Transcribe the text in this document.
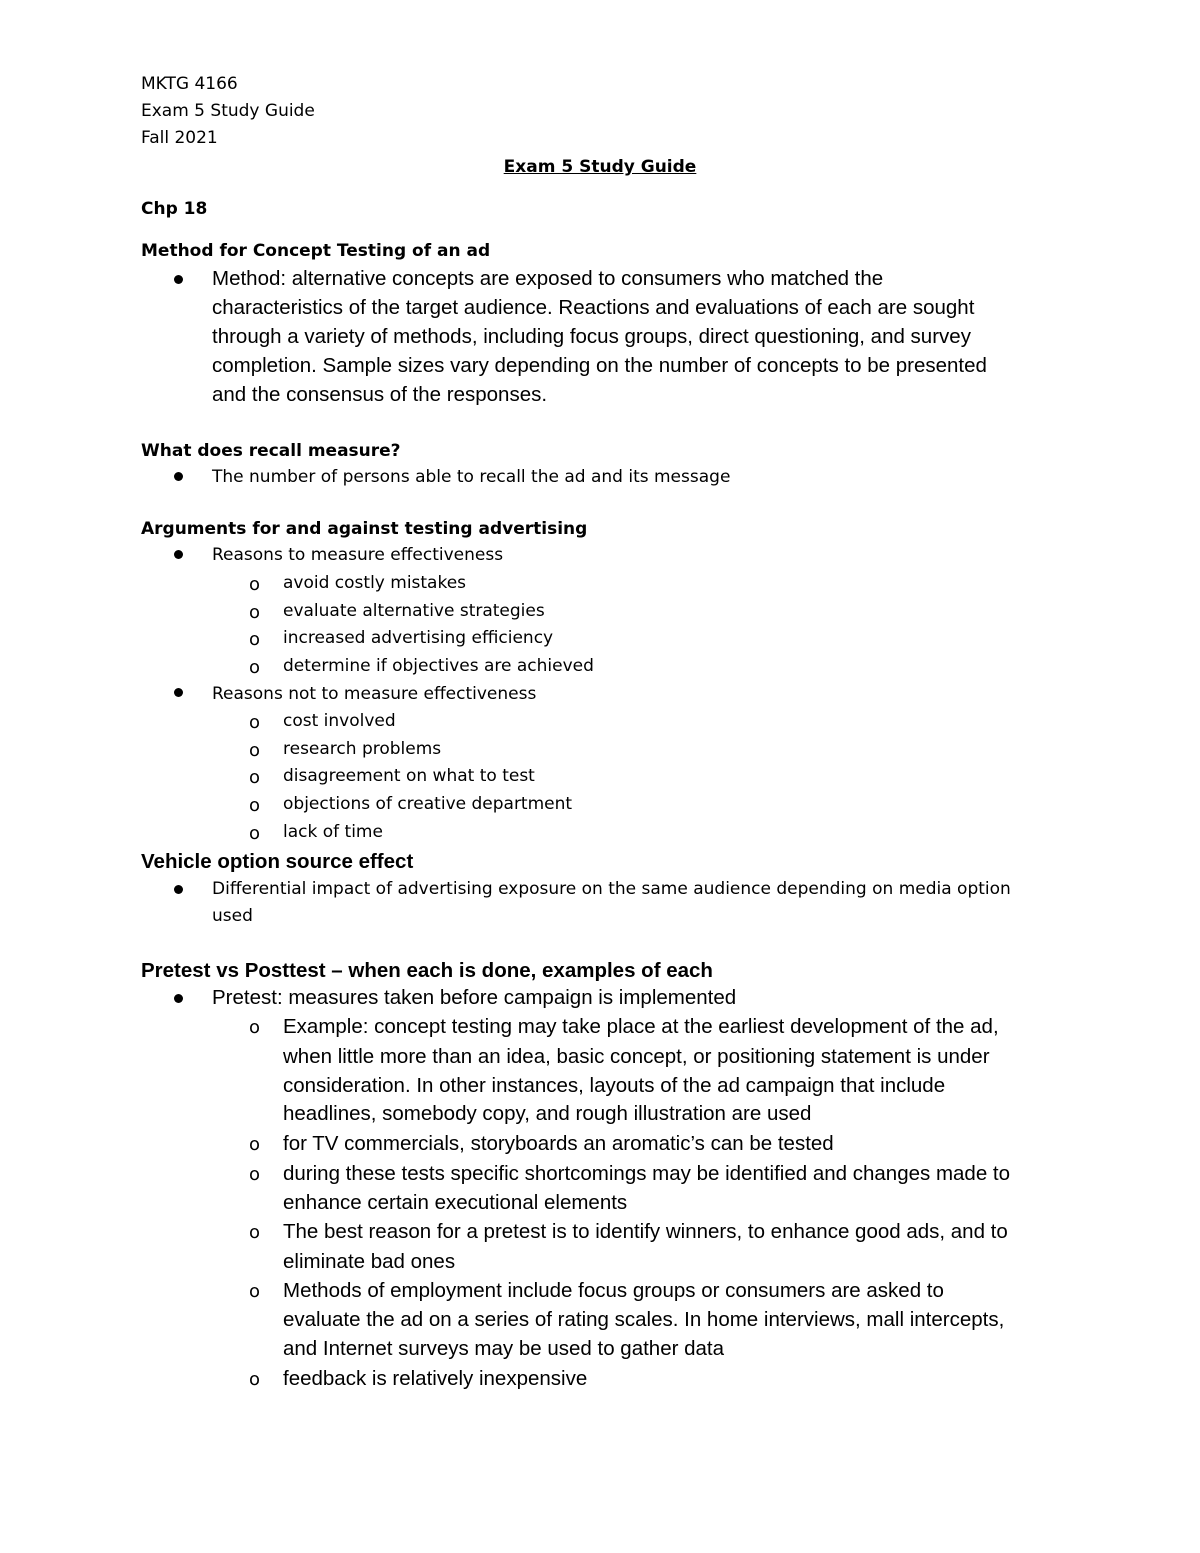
MKTG 4166
Exam 5 Study Guide
Fall 2021
Exam 5 Study Guide
Chp 18
Method for Concept Testing of an ad
Method: alternative concepts are exposed to consumers who matched the
characteristics of the target audience. Reactions and evaluations of each are sought
through a variety of methods, including focus groups, direct questioning, and survey
completion. Sample sizes vary depending on the number of concepts to be presented
and the consensus of the responses.
What does recall measure?
The number of persons able to recall the ad and its message
Arguments for and against testing advertising
Reasons to measure effectiveness
o avoid costly mistakes
o evaluate alternative strategies
o increased advertising efficiency
o determine if objectives are achieved
Reasons not to measure effectiveness
o cost involved
o research problems
o disagreement on what to test
o objections of creative department
o lack of time
Vehicle option source effect
Differential impact of advertising exposure on the same audience depending on media option
used
Pretest vs Posttest – when each is done, examples of each
Pretest: measures taken before campaign is implemented
o Example: concept testing may take place at the earliest development of the ad,
when little more than an idea, basic concept, or positioning statement is under
consideration. In other instances, layouts of the ad campaign that include
headlines, somebody copy, and rough illustration are used
o for TV commercials, storyboards an aromatic’s can be tested
o during these tests specific shortcomings may be identified and changes made to
enhance certain executional elements
o The best reason for a pretest is to identify winners, to enhance good ads, and to
eliminate bad ones
o Methods of employment include focus groups or consumers are asked to
evaluate the ad on a series of rating scales. In home interviews, mall intercepts,
and Internet surveys may be used to gather data
o feedback is relatively inexpensive
